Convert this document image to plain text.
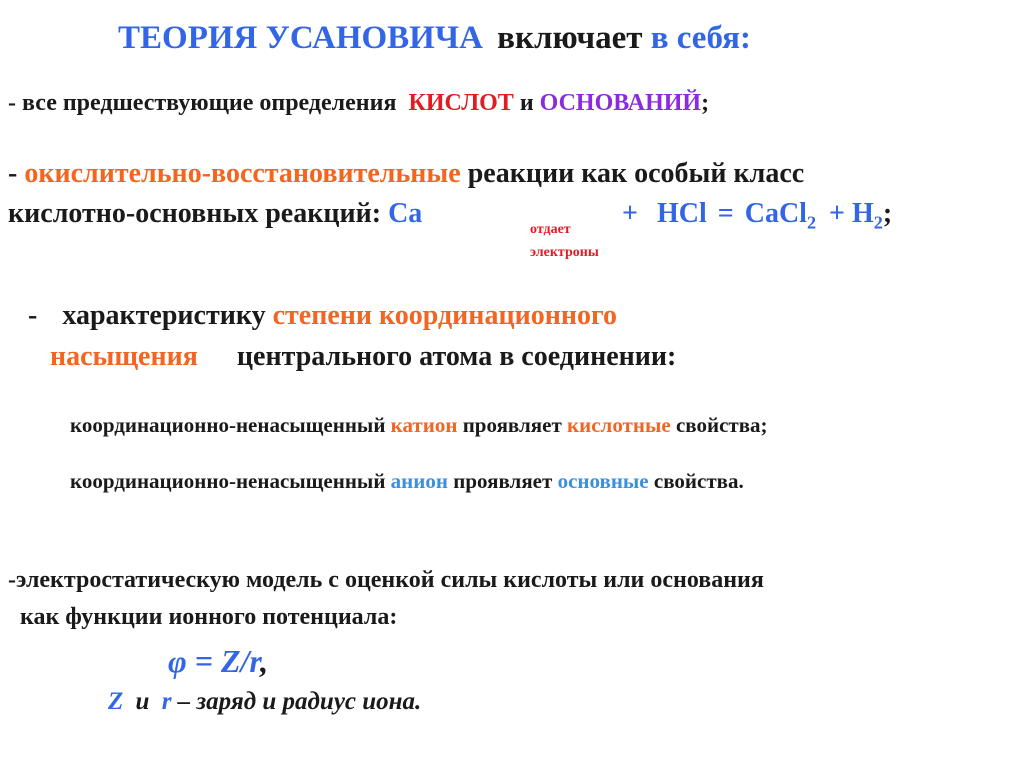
ТЕОРИЯ УСАНОВИЧА включает в себя:
- все предшествующие определения КИСЛОТ и ОСНОВАНИЙ;
- окислительно-восстановительные реакции как особый класс
кислотно-основных реакций: Ca
отдает
электроны
+ HCl = CaCl$_2$ + $H_2$;
- характеристику степени координационного
насыщения центрального атома в соединении:
координационно-ненасыщенный катион проявляет кислотные свойства;
координационно-ненасыщенный анион проявляет основные свойства.
-электростатическую модель с оценкой силы кислоты или основания
как функции ионного потенциала:
φ = Z/r,
Z и r – заряд и радиус иона.
